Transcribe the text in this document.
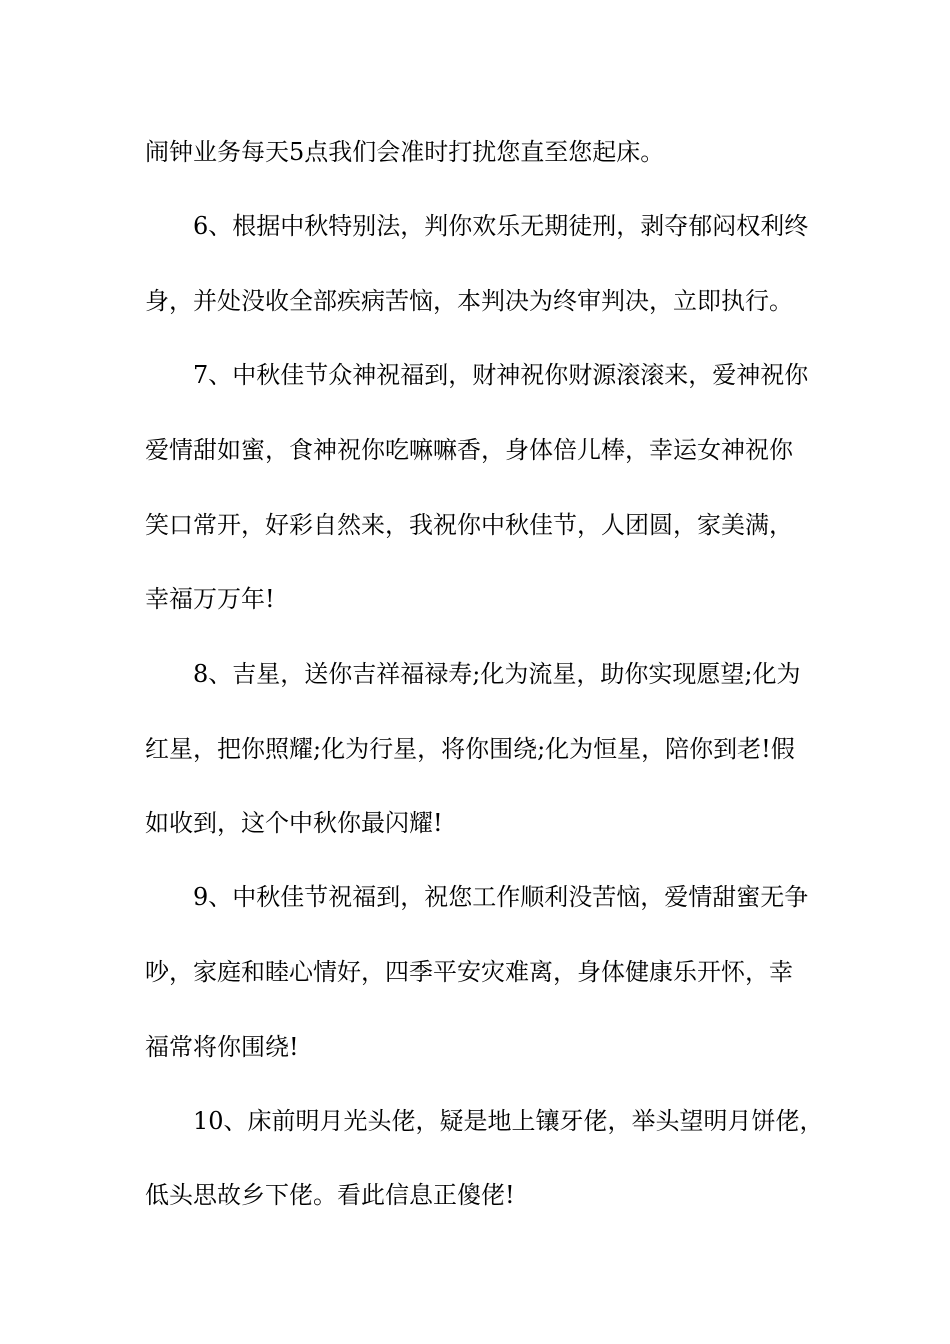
闹钟业务每天5点我们会准时打扰您直至您起床。
6、根据中秋特别法，判你欢乐无期徒刑，剥夺郁闷权利终
身，并处没收全部疾病苦恼，本判决为终审判决，立即执行。
7、中秋佳节众神祝福到，财神祝你财源滚滚来，爱神祝你
爱情甜如蜜，食神祝你吃嘛嘛香，身体倍儿棒，幸运女神祝你
笑口常开，好彩自然来，我祝你中秋佳节，人团圆，家美满，
幸福万万年!
8、吉星，送你吉祥福禄寿;化为流星，助你实现愿望;化为
红星，把你照耀;化为行星，将你围绕;化为恒星，陪你到老!假
如收到，这个中秋你最闪耀!
9、中秋佳节祝福到，祝您工作顺利没苦恼，爱情甜蜜无争
吵，家庭和睦心情好，四季平安灾难离，身体健康乐开怀，幸
福常将你围绕!
10、床前明月光头佬，疑是地上镶牙佬，举头望明月饼佬，
低头思故乡下佬。看此信息正傻佬!
